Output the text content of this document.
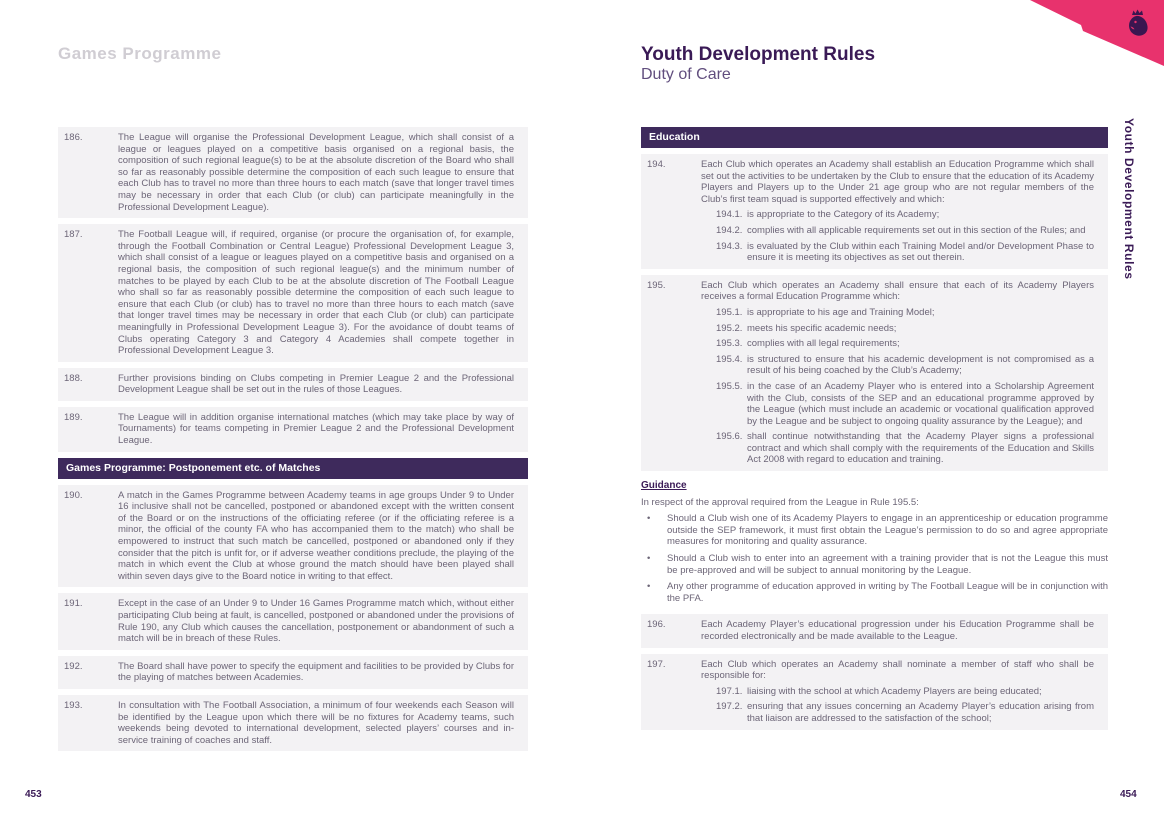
Games Programme
186.	The League will organise the Professional Development League, which shall consist of a league or leagues played on a competitive basis organised on a regional basis, the composition of such regional league(s) to be at the absolute discretion of the Board who shall so far as reasonably possible determine the composition of each such league to ensure that each Club has to travel no more than three hours to each match (save that longer travel times may be necessary in order that each Club (or club) can participate meaningfully in the Professional Development League).
187.	The Football League will, if required, organise (or procure the organisation of, for example, through the Football Combination or Central League) Professional Development League 3, which shall consist of a league or leagues played on a competitive basis and organised on a regional basis, the composition of such regional league(s) and the minimum number of matches to be played by each Club to be at the absolute discretion of The Football League who shall so far as reasonably possible determine the composition of each such league to ensure that each Club (or club) has to travel no more than three hours to each match (save that longer travel times may be necessary in order that each Club (or club) can participate meaningfully in Professional Development League 3). For the avoidance of doubt teams of Clubs operating Category 3 and Category 4 Academies shall compete together in Professional Development League 3.
188.	Further provisions binding on Clubs competing in Premier League 2 and the Professional Development League shall be set out in the rules of those Leagues.
189.	The League will in addition organise international matches (which may take place by way of Tournaments) for teams competing in Premier League 2 and the Professional Development League.
Games Programme: Postponement etc. of Matches
190.	A match in the Games Programme between Academy teams in age groups Under 9 to Under 16 inclusive shall not be cancelled, postponed or abandoned except with the written consent of the Board or on the instructions of the officiating referee (or if the officiating referee is a minor, the official of the county FA who has accompanied them to the match) who shall be empowered to instruct that such match be cancelled, postponed or abandoned only if they consider that the pitch is unfit for, or if adverse weather conditions preclude, the playing of the match in which event the Club at whose ground the match should have been played shall within seven days give to the Board notice in writing to that effect.
191.	Except in the case of an Under 9 to Under 16 Games Programme match which, without either participating Club being at fault, is cancelled, postponed or abandoned under the provisions of Rule 190, any Club which causes the cancellation, postponement or abandonment of such a match will be in breach of these Rules.
192.	The Board shall have power to specify the equipment and facilities to be provided by Clubs for the playing of matches between Academies.
193.	In consultation with The Football Association, a minimum of four weekends each Season will be identified by the League upon which there will be no fixtures for Academy teams, such weekends being devoted to international development, selected players’ courses and in-service training of coaches and staff.
Youth Development Rules
Duty of Care
Education
194.	Each Club which operates an Academy shall establish an Education Programme which shall set out the activities to be undertaken by the Club to ensure that the education of its Academy Players and Players up to the Under 21 age group who are not regular members of the Club’s first team squad is supported effectively and which:
194.1. is appropriate to the Category of its Academy;
194.2. complies with all applicable requirements set out in this section of the Rules; and
194.3. is evaluated by the Club within each Training Model and/or Development Phase to ensure it is meeting its objectives as set out therein.
195.	Each Club which operates an Academy shall ensure that each of its Academy Players receives a formal Education Programme which:
195.1. is appropriate to his age and Training Model;
195.2. meets his specific academic needs;
195.3. complies with all legal requirements;
195.4. is structured to ensure that his academic development is not compromised as a result of his being coached by the Club’s Academy;
195.5. in the case of an Academy Player who is entered into a Scholarship Agreement with the Club, consists of the SEP and an educational programme approved by the League (which must include an academic or vocational qualification approved by the League and be subject to ongoing quality assurance by the League); and
195.6. shall continue notwithstanding that the Academy Player signs a professional contract and which shall comply with the requirements of the Education and Skills Act 2008 with regard to education and training.
Guidance
In respect of the approval required from the League in Rule 195.5:
•	Should a Club wish one of its Academy Players to engage in an apprenticeship or education programme outside the SEP framework, it must first obtain the League’s permission to do so and agree appropriate measures for monitoring and quality assurance.
•	Should a Club wish to enter into an agreement with a training provider that is not the League this must be pre-approved and will be subject to annual monitoring by the League.
•	Any other programme of education approved in writing by The Football League will be in conjunction with the PFA.
196.	Each Academy Player’s educational progression under his Education Programme shall be recorded electronically and be made available to the League.
197.	Each Club which operates an Academy shall nominate a member of staff who shall be responsible for:
197.1. liaising with the school at which Academy Players are being educated;
197.2. ensuring that any issues concerning an Academy Player’s education arising from that liaison are addressed to the satisfaction of the school;
Youth Development Rules
453	454
